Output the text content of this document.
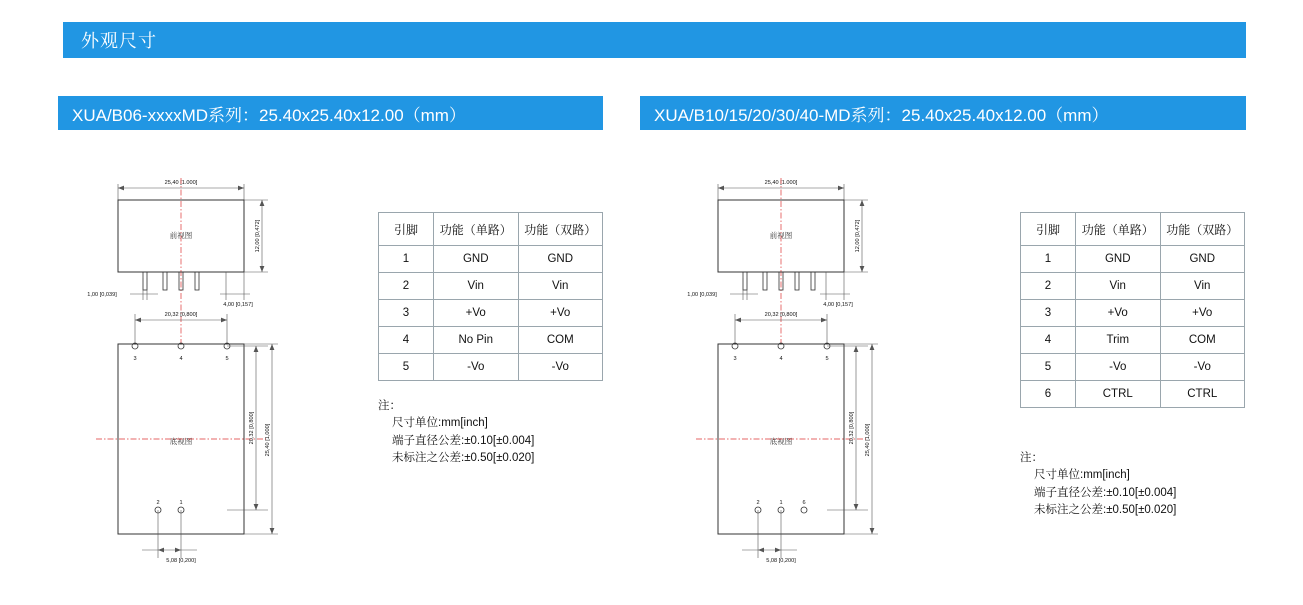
外观尺寸
XUA/B06-xxxxMD系列：25.40x25.40x12.00（mm）	XUA/B10/15/20/30/40-MD系列：25.40x25.40x12.00（mm）
25,40 [1.000]
前视图	12,00 [0,472]
1,00 [0,039]
4,00 [0,157]
20,32 [0,800]
底视图
3	4	5
2	1
20,32 [0,800] 25,40 [1,000]
5,08 [0,200]
25,40 [1.000]
前视图	12,00 [0,472]
1,00 [0,039]
4,00 [0,157]
20,32 [0,800]
底视图
3	4	5
2	1	6
20,32 [0,800] 25,40 [1,000]
5,08 [0,200]
引脚	功能（单路）	功能（双路）
1	GND	GND
2	Vin	Vin
3	+Vo	+Vo
4	No Pin	COM
5	-Vo	-Vo
注：
尺寸单位:mm[inch]
端子直径公差:±0.10[±0.004]
未标注之公差:±0.50[±0.020]
引脚	功能（单路）	功能（双路）
1	GND	GND
2	Vin	Vin
3	+Vo	+Vo
4	Trim	COM
5	-Vo	-Vo
6	CTRL	CTRL
注：
尺寸单位:mm[inch]
端子直径公差:±0.10[±0.004]
未标注之公差:±0.50[±0.020]
